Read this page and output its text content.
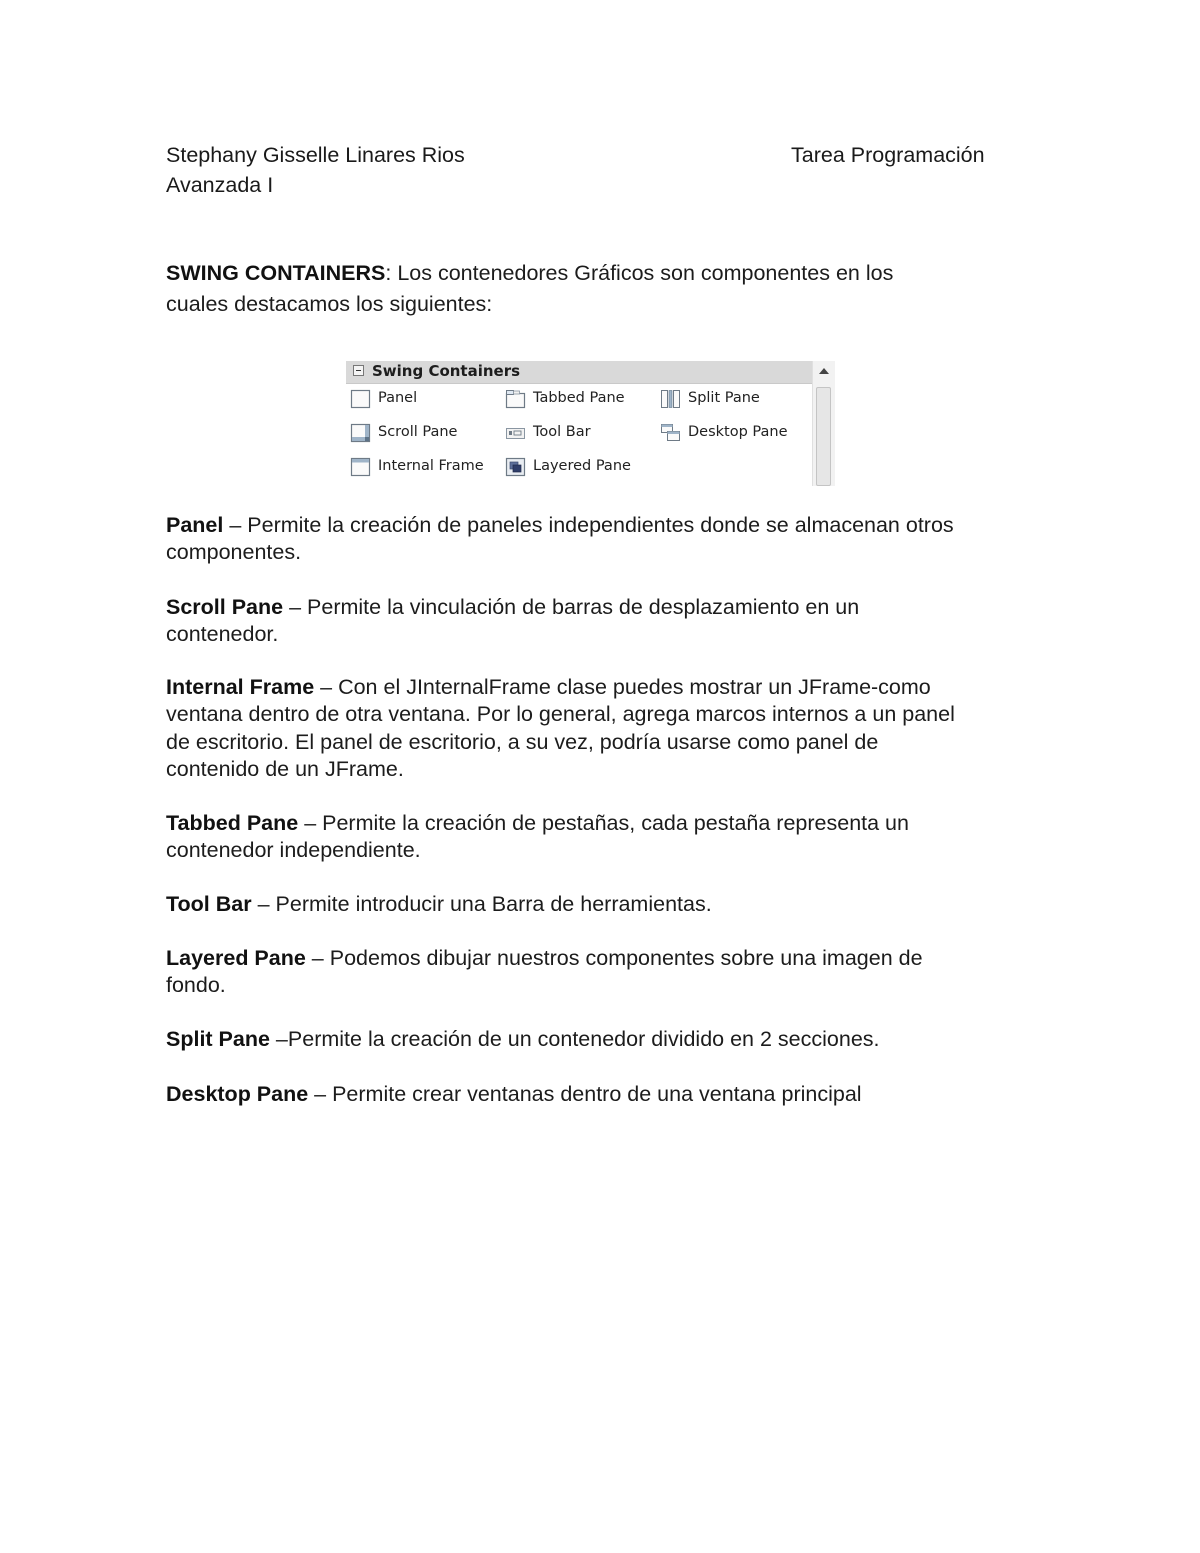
Stephany Gisselle Linares Rios	Tarea Programación
Avanzada I
SWING CONTAINERS: Los contenedores Gráficos son componentes en los
cuales destacamos los siguientes:
Swing Containers
Panel	Tabbed Pane	Split Pane
Scroll Pane	Tool Bar	Desktop Pane
Internal Frame	Layered Pane
Panel – Permite la creación de paneles independientes donde se almacenan otros
componentes.
Scroll Pane – Permite la vinculación de barras de desplazamiento en un
contenedor.
Internal Frame – Con el JInternalFrame clase puedes mostrar un JFrame-como
ventana dentro de otra ventana. Por lo general, agrega marcos internos a un panel
de escritorio. El panel de escritorio, a su vez, podría usarse como panel de
contenido de un JFrame.
Tabbed Pane – Permite la creación de pestañas, cada pestaña representa un
contenedor independiente.
Tool Bar – Permite introducir una Barra de herramientas.
Layered Pane – Podemos dibujar nuestros componentes sobre una imagen de
fondo.
Split Pane –Permite la creación de un contenedor dividido en 2 secciones.
Desktop Pane – Permite crear ventanas dentro de una ventana principal
